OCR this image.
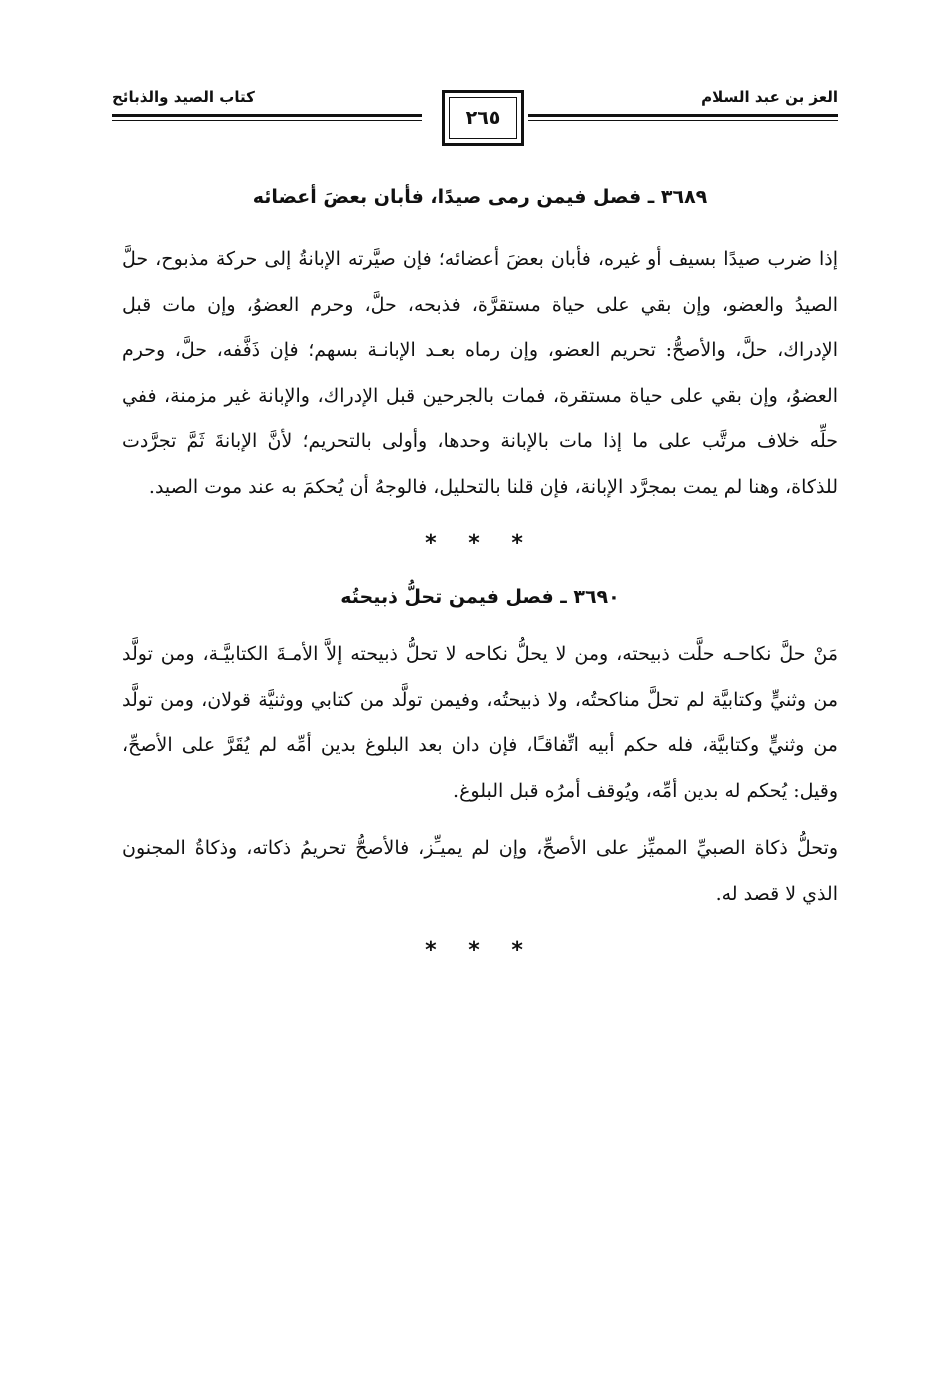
العز بن عبد السلام
كتاب الصيد والذبائح
٢٦٥
٣٦٨٩ ـ فصل فيمن رمى صيدًا، فأبان بعضَ أعضائه

إذا ضرب صيدًا بسيف أو غيره، فأبان بعضَ أعضائه؛ فإن صيَّرته الإبانةُ إلى حركة مذبوح، حلَّ الصيدُ والعضو، وإن بقي على حياة مستقرَّة، فذبحه، حلَّ، وحرم العضوُ، وإن مات قبل الإدراك، حلَّ، والأصحُّ: تحريم العضو، وإن رماه بعـد الإبانـة بسهم؛ فإن ذَفَّفه، حلَّ، وحرم العضوُ، وإن بقي على حياة مستقرة، فمات بالجرحين قبل الإدراك، والإبانة غير مزمنة، ففي حلِّه خلاف مرتَّب على ما إذا مات بالإبانة وحدها، وأولى بالتحريم؛ لأنَّ الإبانةَ ثَمَّ تجرَّدت للذكاة، وهنا لم يمت بمجرَّد الإبانة، فإن قلنا بالتحليل، فالوجهُ أن يُحكمَ به عند موت الصيد.

* * *
٣٦٩٠ ـ فصل فيمن تحلُّ ذبيحتُه

مَنْ حلَّ نكاحـه حلَّت ذبيحته، ومن لا يحلُّ نكاحه لا تحلُّ ذبيحته إلاَّ الأمـةَ الكتابيَّـة، ومن تولَّد من وثنيٍّ وكتابيَّة لم تحلَّ مناكحتُه، ولا ذبيحتُه، وفيمن تولَّد من كتابي ووثنيَّة قولان، ومن تولَّد من وثنيٍّ وكتابيَّة، فله حكم أبيه اتِّفاقـًا، فإن دان بعد البلوغ بدين أمِّه لم يُقَرَّ على الأصحِّ، وقيل: يُحكم له بدين أمِّه، ويُوقف أمرُه قبل البلوغ.

وتحلُّ ذكاة الصبيِّ المميِّز على الأصحِّ، وإن لم يميـِّز، فالأصحُّ تحريمُ ذكاته، وذكاةُ المجنون الذي لا قصد له.

* * *
